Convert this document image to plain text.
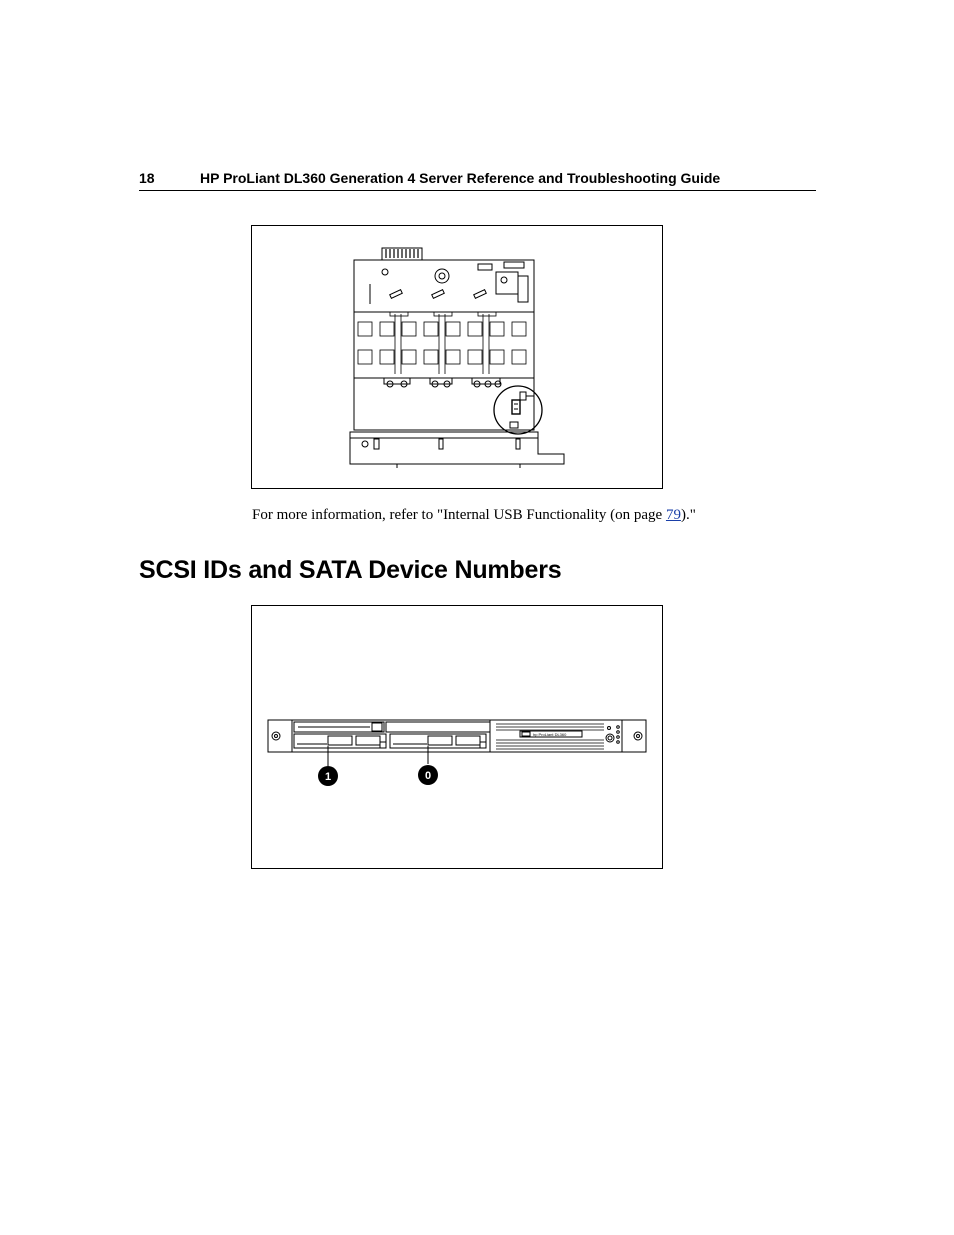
18	HP ProLiant DL360 Generation 4 Server Reference and Troubleshooting Guide

For more information, refer to "Internal USB Functionality (on page 79)."

SCSI IDs and SATA Device Numbers
hp ProLiant DL360
1	0
